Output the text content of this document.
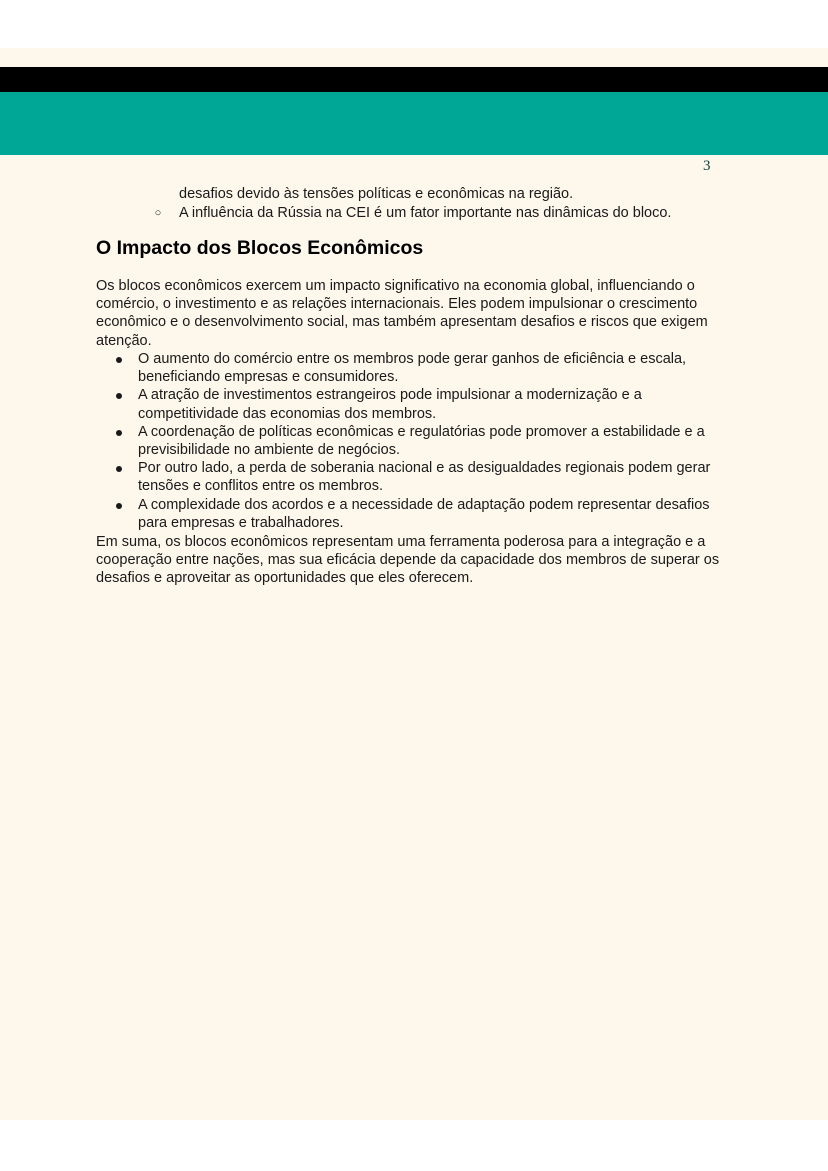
3
desafios devido às tensões políticas e econômicas na região.
○ A influência da Rússia na CEI é um fator importante nas dinâmicas do bloco.
O Impacto dos Blocos Econômicos

Os blocos econômicos exercem um impacto significativo na economia global, influenciando o comércio, o investimento e as relações internacionais. Eles podem impulsionar o crescimento econômico e o desenvolvimento social, mas também apresentam desafios e riscos que exigem atenção.

O aumento do comércio entre os membros pode gerar ganhos de eficiência e escala, beneficiando empresas e consumidores.
A atração de investimentos estrangeiros pode impulsionar a modernização e a competitividade das economias dos membros.
A coordenação de políticas econômicas e regulatórias pode promover a estabilidade e a previsibilidade no ambiente de negócios.
Por outro lado, a perda de soberania nacional e as desigualdades regionais podem gerar tensões e conflitos entre os membros.
A complexidade dos acordos e a necessidade de adaptação podem representar desafios para empresas e trabalhadores.

Em suma, os blocos econômicos representam uma ferramenta poderosa para a integração e a cooperação entre nações, mas sua eficácia depende da capacidade dos membros de superar os desafios e aproveitar as oportunidades que eles oferecem.
